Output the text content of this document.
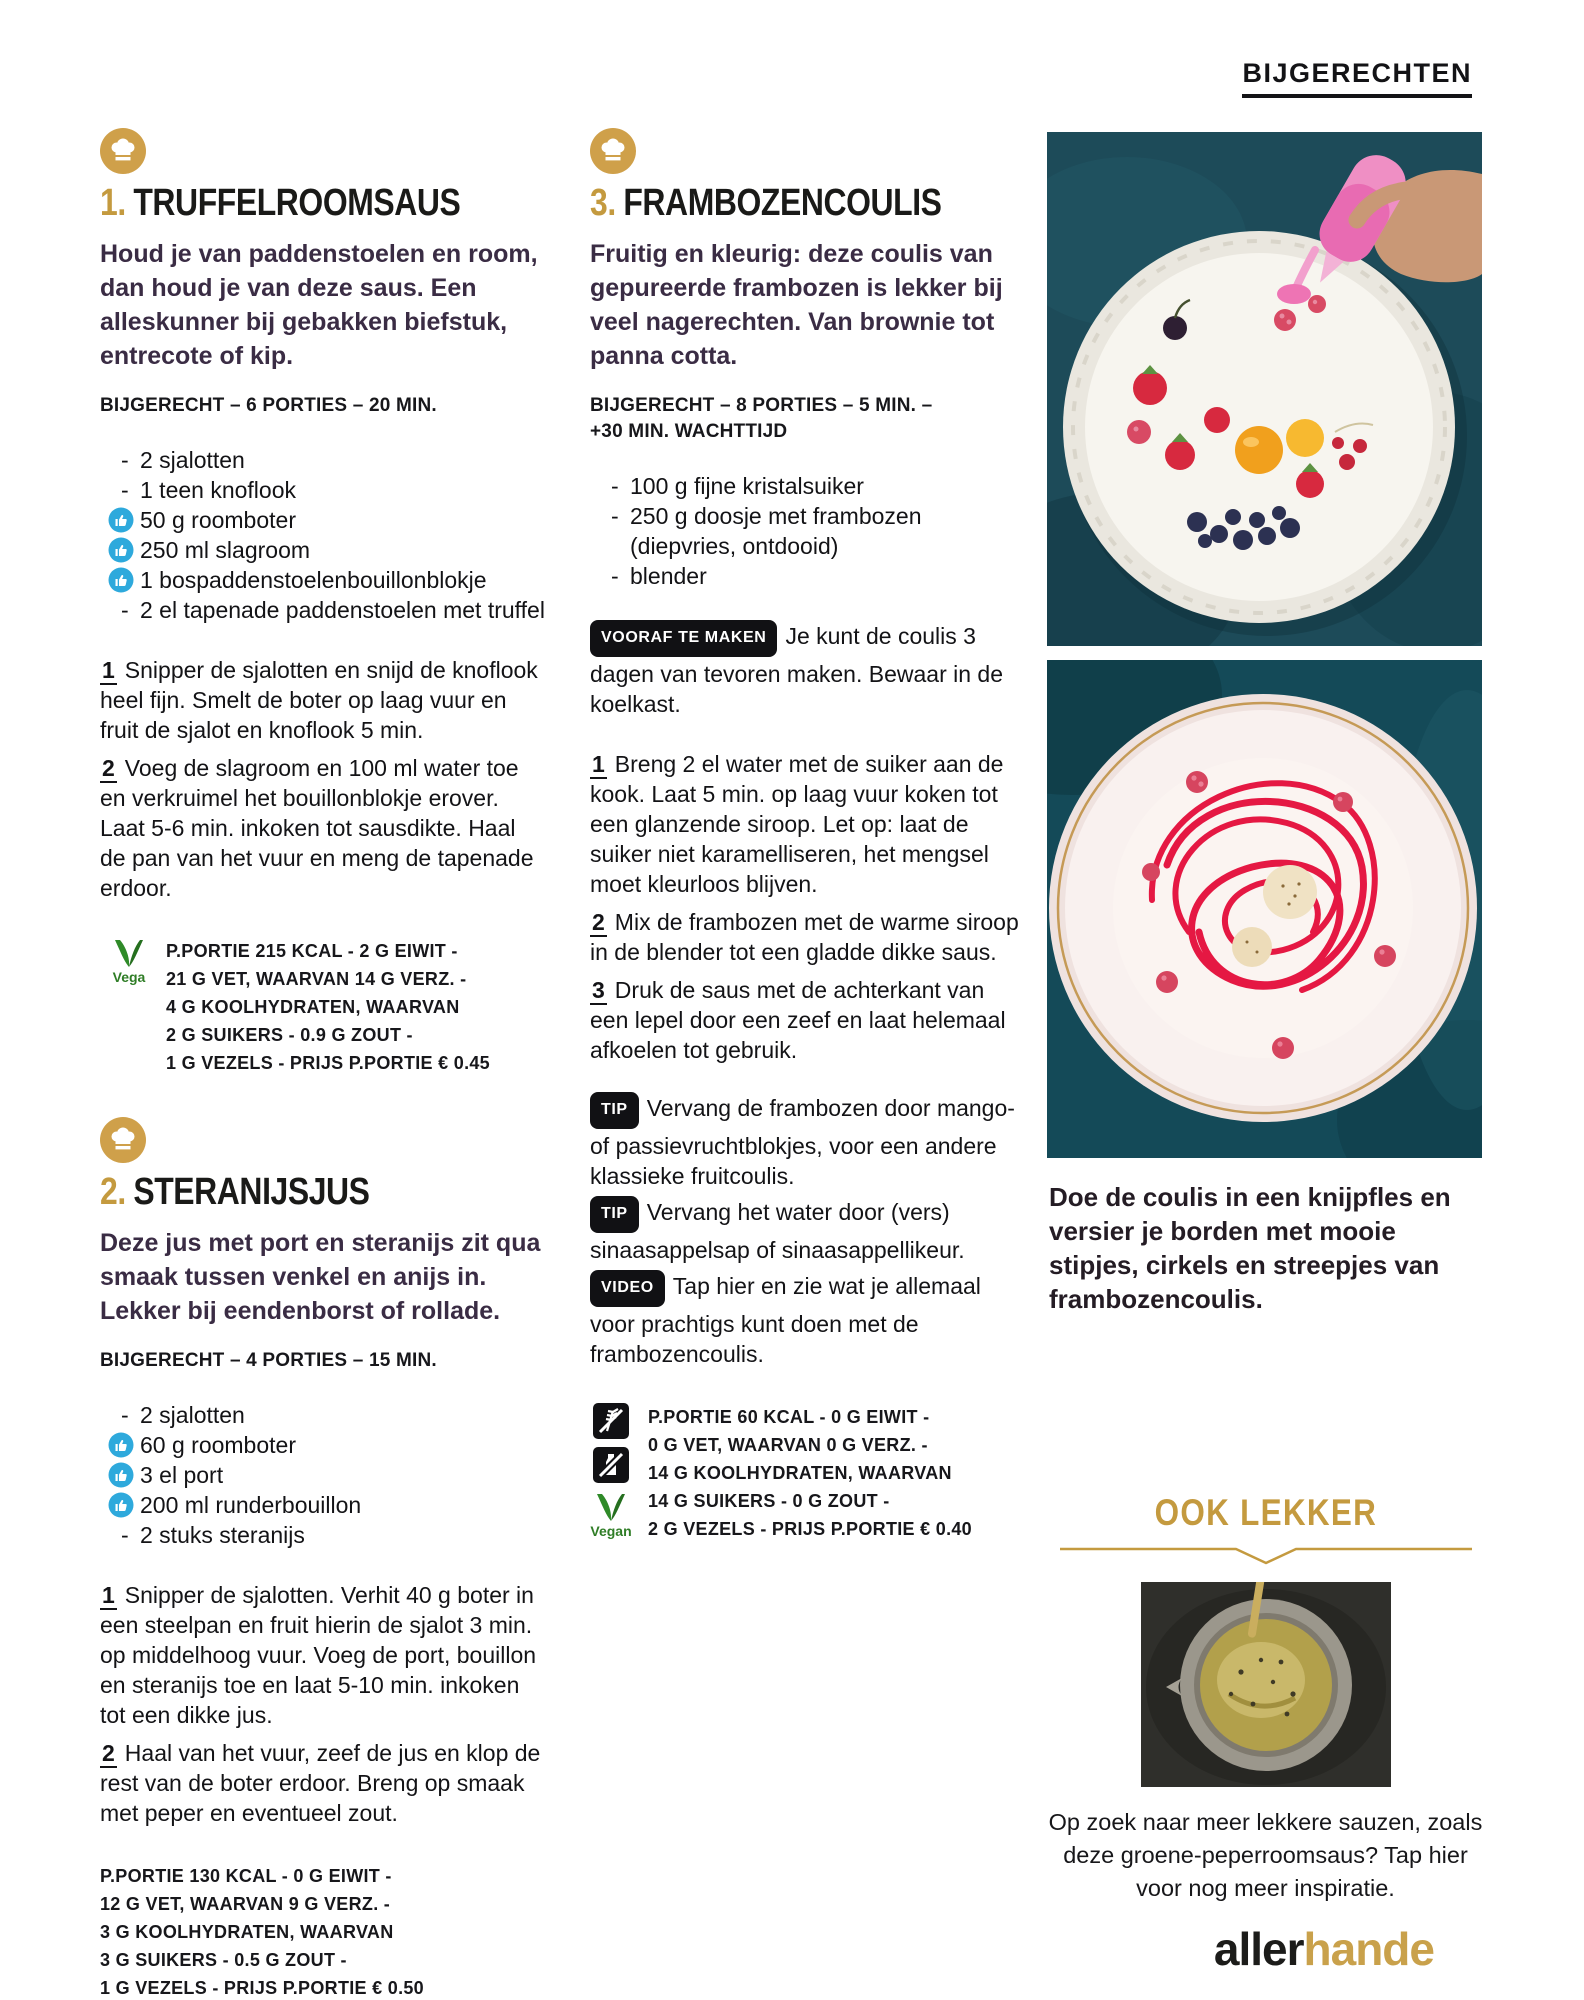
BIJGERECHTEN
1. TRUFFELROOMSAUS

Houd je van paddenstoelen en room, dan houd je van deze saus. Een alleskunner bij gebakken biefstuk, entrecote of kip.

BIJGERECHT – 6 PORTIES – 20 MIN.

- 2 sjalotten
- 1 teen knoflook
50 g roomboter
250 ml slagroom
1 bospaddenstoelenbouillonblokje
- 2 el tapenade paddenstoelen met truffel

1 Snipper de sjalotten en snijd de knoflook heel fijn. Smelt de boter op laag vuur en fruit de sjalot en knoflook 5 min.

2 Voeg de slagroom en 100 ml water toe en verkruimel het bouillonblokje erover. Laat 5-6 min. inkoken tot sausdikte. Haal de pan van het vuur en meng de tapenade erdoor.

Vega
P.PORTIE 215 KCAL - 2 G EIWIT -
21 G VET, WAARVAN 14 G VERZ. -
4 G KOOLHYDRATEN, WAARVAN
2 G SUIKERS - 0.9 G ZOUT -
1 G VEZELS - PRIJS P.PORTIE € 0.45
2. STERANIJSJUS

Deze jus met port en steranijs zit qua smaak tussen venkel en anijs in. Lekker bij eendenborst of rollade.

BIJGERECHT – 4 PORTIES – 15 MIN.

- 2 sjalotten
60 g roomboter
3 el port
200 ml runderbouillon
- 2 stuks steranijs

1 Snipper de sjalotten. Verhit 40 g boter in een steelpan en fruit hierin de sjalot 3 min. op middelhoog vuur. Voeg de port, bouillon en steranijs toe en laat 5-10 min. inkoken tot een dikke jus.

2 Haal van het vuur, zeef de jus en klop de rest van de boter erdoor. Breng op smaak met peper en eventueel zout.

P.PORTIE 130 KCAL - 0 G EIWIT -
12 G VET, WAARVAN 9 G VERZ. -
3 G KOOLHYDRATEN, WAARVAN
3 G SUIKERS - 0.5 G ZOUT -
1 G VEZELS - PRIJS P.PORTIE € 0.50
3. FRAMBOZENCOULIS

Fruitig en kleurig: deze coulis van gepureerde frambozen is lekker bij veel nagerechten. Van brownie tot panna cotta.

BIJGERECHT – 8 PORTIES – 5 MIN. –
+30 MIN. WACHTTIJD

- 100 g fijne kristalsuiker
- 250 g doosje met frambozen (diepvries, ontdooid)
- blender

VOORAF TE MAKEN Je kunt de coulis 3 dagen van tevoren maken. Bewaar in de koelkast.

1 Breng 2 el water met de suiker aan de kook. Laat 5 min. op laag vuur koken tot een glanzende siroop. Let op: laat de suiker niet karamelliseren, het mengsel moet kleurloos blijven.

2 Mix de frambozen met de warme siroop in de blender tot een gladde dikke saus.

3 Druk de saus met de achterkant van een lepel door een zeef en laat helemaal afkoelen tot gebruik.

TIP Vervang de frambozen door mango- of passievruchtblokjes, voor een andere klassieke fruitcoulis.

TIP Vervang het water door (vers) sinaasappelsap of sinaasappellikeur.

VIDEO Tap hier en zie wat je allemaal voor prachtigs kunt doen met de frambozencoulis.

Vegan
P.PORTIE 60 KCAL - 0 G EIWIT -
0 G VET, WAARVAN 0 G VERZ. -
14 G KOOLHYDRATEN, WAARVAN
14 G SUIKERS - 0 G ZOUT -
2 G VEZELS - PRIJS P.PORTIE € 0.40
Doe de coulis in een knijpfles en versier je borden met mooie stipjes, cirkels en streepjes van frambozencoulis.
OOK LEKKER
Op zoek naar meer lekkere sauzen, zoals deze groene-peperroomsaus? Tap hier voor nog meer inspiratie.
allerhande
